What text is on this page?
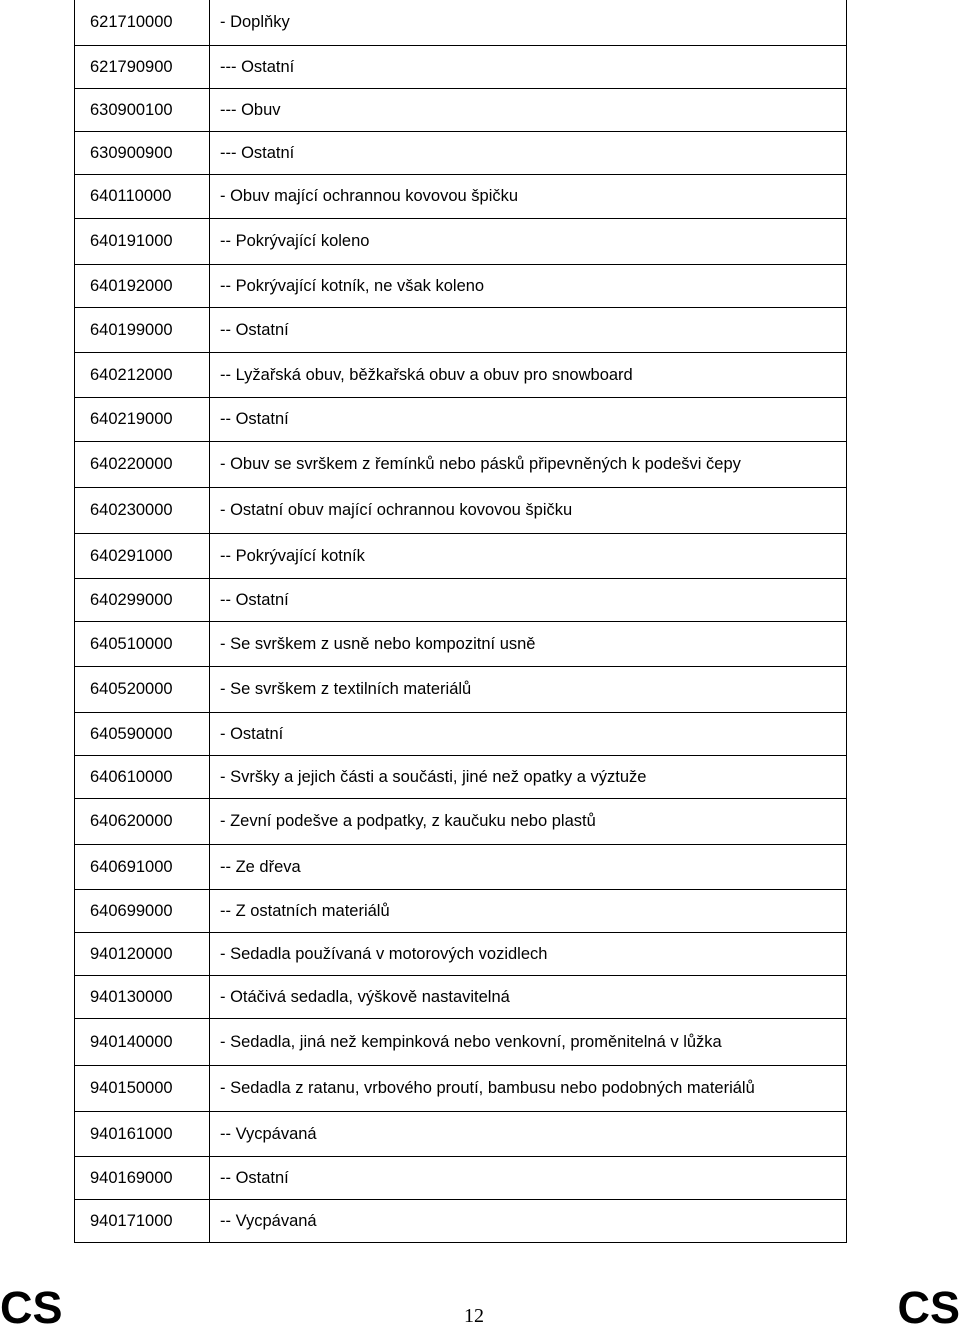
621710000	- Doplňky
621790900	--- Ostatní
630900100	--- Obuv
630900900	--- Ostatní
640110000	- Obuv mající ochrannou kovovou špičku
640191000	-- Pokrývající koleno
640192000	-- Pokrývající kotník, ne však koleno
640199000	-- Ostatní
640212000	-- Lyžařská obuv, běžkařská obuv a obuv pro snowboard
640219000	-- Ostatní
640220000	- Obuv se svrškem z řemínků nebo pásků připevněných k podešvi čepy
640230000	- Ostatní obuv mající ochrannou kovovou špičku
640291000	-- Pokrývající kotník
640299000	-- Ostatní
640510000	- Se svrškem z usně nebo kompozitní usně
640520000	- Se svrškem z textilních materiálů
640590000	- Ostatní
640610000	- Svršky a jejich části a součásti, jiné než opatky a výztuže
640620000	- Zevní podešve a podpatky, z kaučuku nebo plastů
640691000	-- Ze dřeva
640699000	-- Z ostatních materiálů
940120000	- Sedadla používaná v motorových vozidlech
940130000	- Otáčivá sedadla, výškově nastavitelná
940140000	- Sedadla, jiná než kempinková nebo venkovní, proměnitelná v lůžka
940150000	- Sedadla z ratanu, vrbového proutí, bambusu nebo podobných materiálů
940161000	-- Vycpávaná
940169000	-- Ostatní
940171000	-- Vycpávaná
CS	12	CS
